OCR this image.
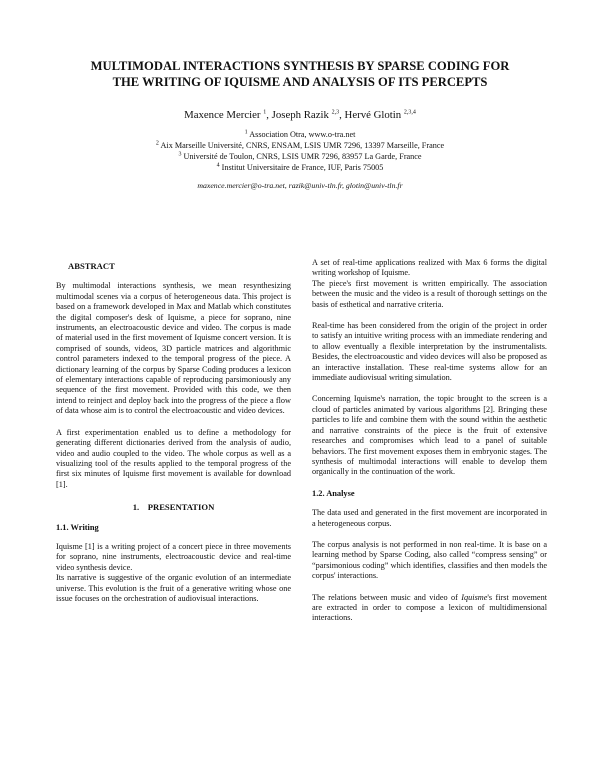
MULTIMODAL INTERACTIONS SYNTHESIS BY SPARSE CODING FOR
THE WRITING OF IQUISME AND ANALYSIS OF ITS PERCEPTS
Maxence Mercier $^1$, Joseph Razik $^{2,3}$, Hervé Glotin $^{2,3,4}$
$^1$ Association Otra, www.o-tra.net
$^2$ Aix Marseille Université, CNRS, ENSAM, LSIS UMR 7296, 13397 Marseille, France
$^3$ Université de Toulon, CNRS, LSIS UMR 7296, 83957 La Garde, France
$^4$ Institut Universitaire de France, IUF, Paris 75005
maxence.mercier@o-tra.net, razik@univ-tln.fr, glotin@univ-tln.fr
ABSTRACT

By multimodal interactions synthesis, we mean resynthesizing multimodal scenes via a corpus of heterogeneous data. This project is based on a framework developed in Max and Matlab which constitutes the digital composer's desk of Iquisme, a piece for soprano, nine instruments, an electroacoustic device and video. The corpus is made of material used in the first movement of Iquisme concert version. It is comprised of sounds, videos, 3D particle matrices and algorithmic control parameters indexed to the temporal progress of the piece. A dictionary learning of the corpus by Sparse Coding produces a lexicon of elementary interactions capable of reproducing parsimoniously any sequence of the first movement. Provided with this code, we then intend to reinject and deploy back into the progress of the piece a flow of data whose aim is to control the electroacoustic and video devices.

A first experimentation enabled us to define a methodology for generating different dictionaries derived from the analysis of audio, video and audio coupled to the video. The whole corpus as well as a visualizing tool of the results applied to the temporal progress of the first six minutes of Iquisme first movement is available for download [1].

1.    PRESENTATION
1.1. Writing

Iquisme [1] is a writing project of a concert piece in three movements for soprano, nine instruments, electroacoustic device and real-time video synthesis device.

Its narrative is suggestive of the organic evolution of an intermediate universe. This evolution is the fruit of a generative writing whose one issue focuses on the orchestration of audiovisual interactions.

A set of real-time applications realized with Max 6 forms the digital writing workshop of Iquisme.

The piece's first movement is written empirically. The association between the music and the video is a result of thorough settings on the basis of esthetical and narrative criteria.

Real-time has been considered from the origin of the project in order to satisfy an intuitive writing process with an immediate rendering and to allow eventually a flexible interpretation by the instrumentalists. Besides, the electroacoustic and video devices will also be proposed as an interactive installation. These real-time systems allow for an immediate audiovisual writing simulation.

Concerning Iquisme's narration, the topic brought to the screen is a cloud of particles animated by various algorithms [2]. Bringing these particles to life and combine them with the sound within the aesthetic and narrative constraints of the piece is the fruit of extensive researches and compromises which lead to a panel of suitable behaviors. The first movement exposes them in embryonic stages. The synthesis of multimodal interactions will enable to develop them organically in the continuation of the work.

1.2. Analyse

The data used and generated in the first movement are incorporated in a heterogeneous corpus.

The corpus analysis is not performed in non real-time. It is base on a learning method by Sparse Coding, also called “compress sensing” or “parsimonious coding” which identifies, classifies and then models the corpus' interactions.

The relations between music and video of Iquisme's first movement are extracted in order to compose a lexicon of multidimensional interactions.
